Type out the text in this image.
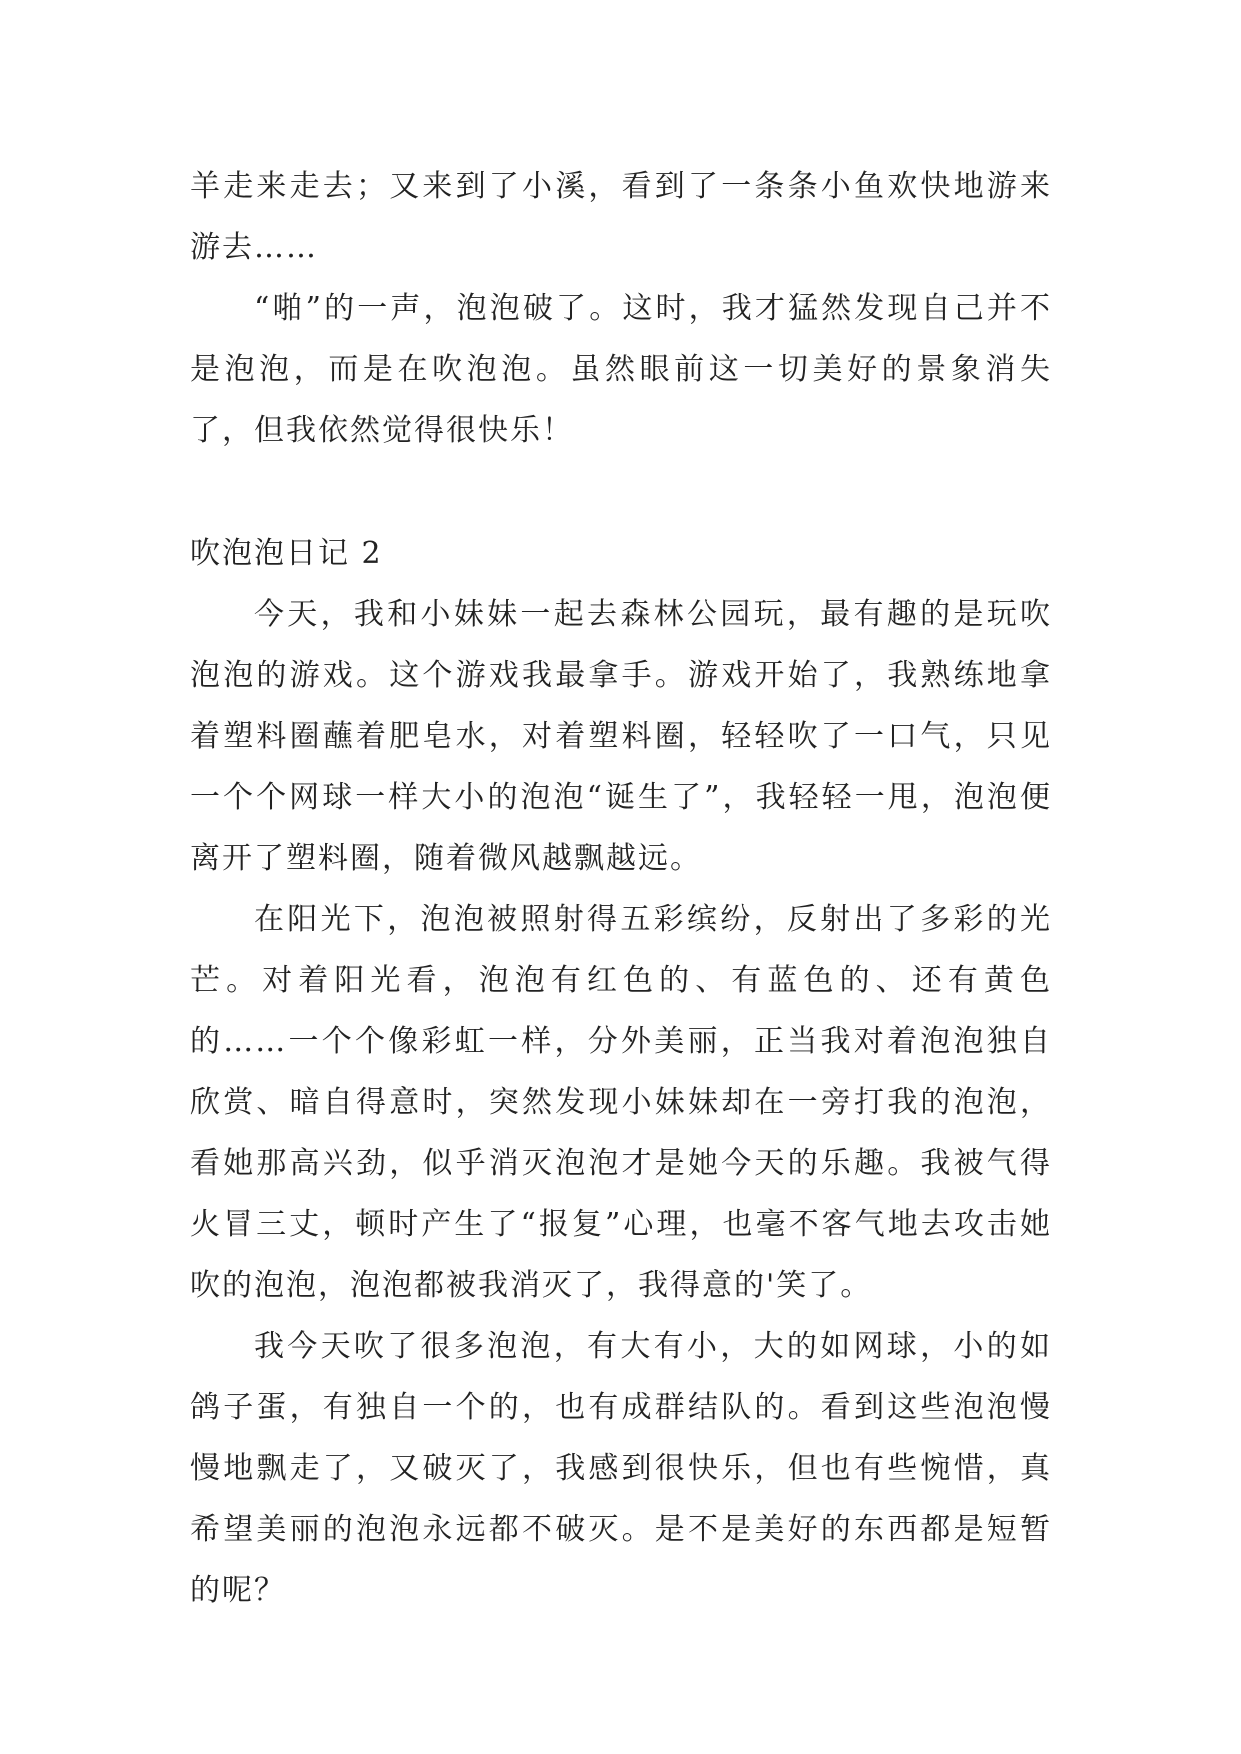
羊走来走去；又来到了小溪，看到了一条条小鱼欢快地游来游去……

“啪”的一声，泡泡破了。这时，我才猛然发现自己并不是泡泡，而是在吹泡泡。虽然眼前这一切美好的景象消失了，但我依然觉得很快乐！

吹泡泡日记 2

今天，我和小妹妹一起去森林公园玩，最有趣的是玩吹泡泡的游戏。这个游戏我最拿手。游戏开始了，我熟练地拿着塑料圈蘸着肥皂水，对着塑料圈，轻轻吹了一口气，只见一个个网球一样大小的泡泡“诞生了”，我轻轻一甩，泡泡便离开了塑料圈，随着微风越飘越远。

在阳光下，泡泡被照射得五彩缤纷，反射出了多彩的光芒。对着阳光看，泡泡有红色的、有蓝色的、还有黄色的……一个个像彩虹一样，分外美丽，正当我对着泡泡独自欣赏、暗自得意时，突然发现小妹妹却在一旁打我的泡泡，看她那高兴劲，似乎消灭泡泡才是她今天的乐趣。我被气得火冒三丈，顿时产生了“报复”心理，也毫不客气地去攻击她吹的泡泡，泡泡都被我消灭了，我得意的'笑了。

我今天吹了很多泡泡，有大有小，大的如网球，小的如鸽子蛋，有独自一个的，也有成群结队的。看到这些泡泡慢慢地飘走了，又破灭了，我感到很快乐，但也有些惋惜，真希望美丽的泡泡永远都不破灭。是不是美好的东西都是短暂的呢？
